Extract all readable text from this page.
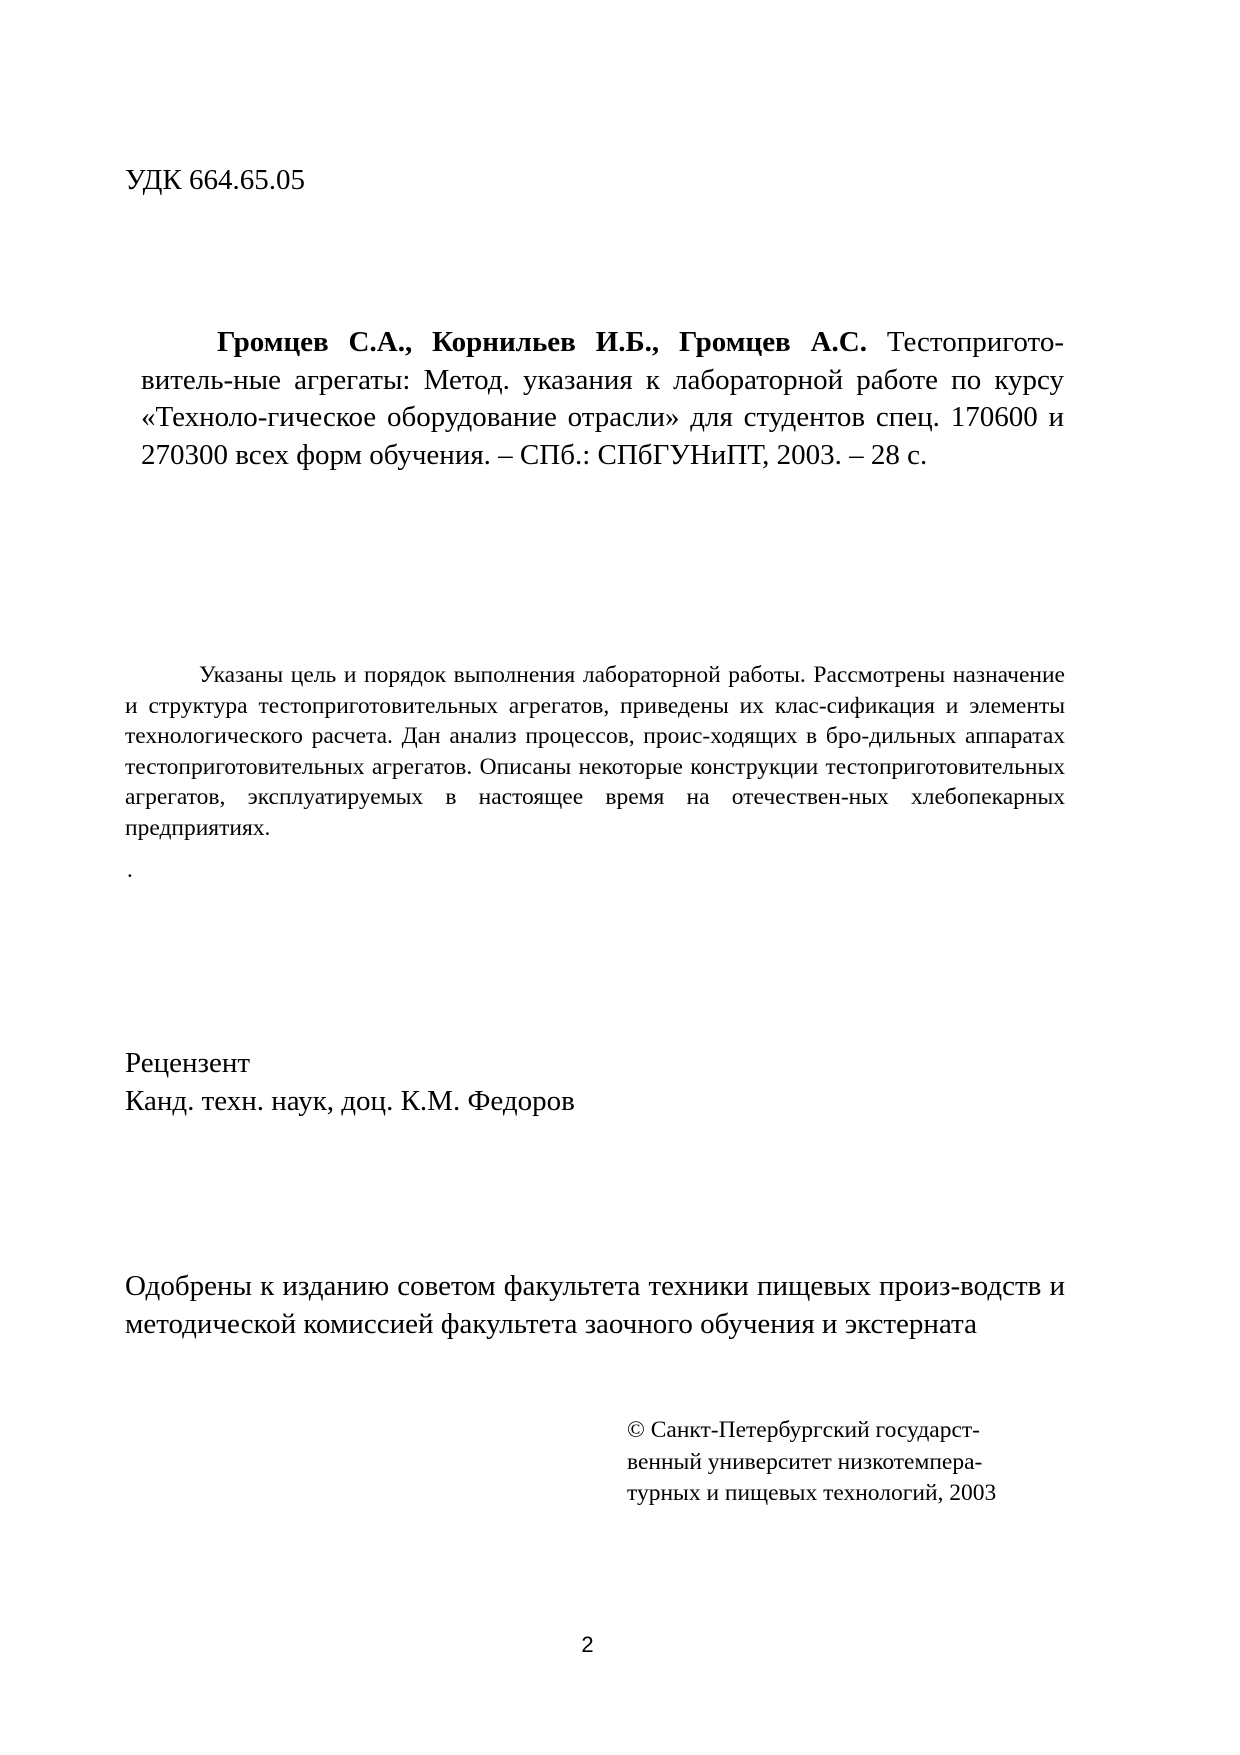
УДК 664.65.05
Громцев С.А., Корнильев И.Б., Громцев А.С. Тестопригото-витель-ные агрегаты: Метод. указания к лабораторной работе по курсу «Техноло-гическое оборудование отрасли» для студентов спец. 170600 и 270300 всех форм обучения. – СПб.: СПбГУНиПТ, 2003. – 28 с.
Указаны цель и порядок выполнения лабораторной работы. Рассмотрены назначение и структура тестоприготовительных агрегатов, приведены их клас-сификация и элементы технологического расчета. Дан анализ процессов, проис-ходящих в бро-дильных аппаратах тестоприготовительных агрегатов. Описаны некоторые конструкции тестоприготовительных агрегатов, эксплуатируемых в настоящее время на отечествен-ных хлебопекарных предприятиях.
.
Рецензент
Канд. техн. наук, доц. К.М. Федоров
Одобрены к изданию советом факультета техники пищевых произ-водств и методической комиссией факультета заочного обучения и экстерната
© Санкт-Петербургский государст-
венный университет низкотемпера-
турных и пищевых технологий, 2003
2
